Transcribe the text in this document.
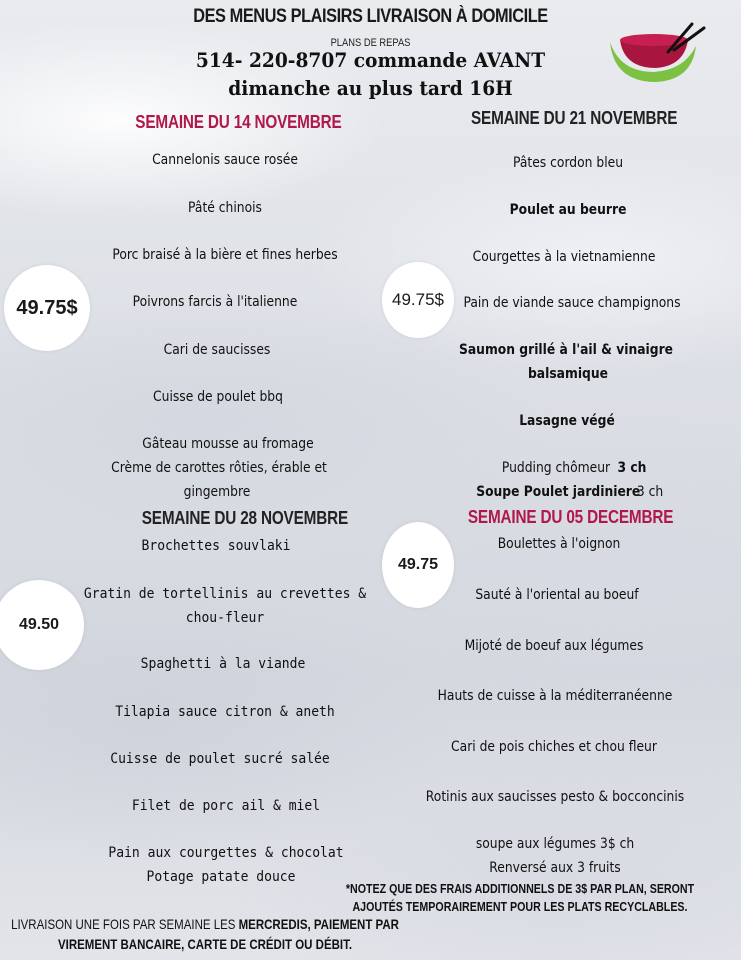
DES MENUS PLAISIRS LIVRAISON À DOMICILE
PLANS DE REPAS
514- 220-8707 commande AVANT
dimanche au plus tard 16H
SEMAINE DU 14 NOVEMBRE	SEMAINE DU 21 NOVEMBRE
SEMAINE DU 28 NOVEMBRE	SEMAINE DU 05 DECEMBRE
49.75$	49.75$
49.50
49.75
Cannelonis sauce rosée
Pâté chinois
Porc braisé à la bière et fines herbes
Poivrons farcis à l'italienne
Cari de saucisses
Cuisse de poulet bbq
Gâteau mousse au fromage
Crème de carottes rôties, érable et
gingembre
Pâtes cordon bleu
Poulet au beurre
Courgettes à la vietnamienne
Pain de viande sauce champignons
Saumon grillé à l'ail & vinaigre
balsamique
Lasagne végé
Pudding chômeur 3 ch
Soupe Poulet jardiniere
3 ch
Brochettes souvlaki
Gratin de tortellinis au crevettes &
chou-fleur
Spaghetti à la viande
Tilapia sauce citron & aneth
Cuisse de poulet sucré salée
Filet de porc ail & miel
Pain aux courgettes & chocolat
Potage patate douce
Boulettes à l'oignon
Sauté à l'oriental au boeuf
Mijoté de boeuf aux légumes
Hauts de cuisse à la méditerranéenne
Cari de pois chiches et chou fleur
Rotinis aux saucisses pesto & bocconcinis
soupe aux légumes 3$ ch
Renversé aux 3 fruits
*NOTEZ QUE DES FRAIS ADDITIONNELS DE 3$ PAR PLAN, SERONT
AJOUTÉS TEMPORAIREMENT POUR LES PLATS RECYCLABLES.
LIVRAISON UNE FOIS PAR SEMAINE LES MERCREDIS, PAIEMENT PAR
VIREMENT BANCAIRE, CARTE DE CRÉDIT OU DÉBIT.
